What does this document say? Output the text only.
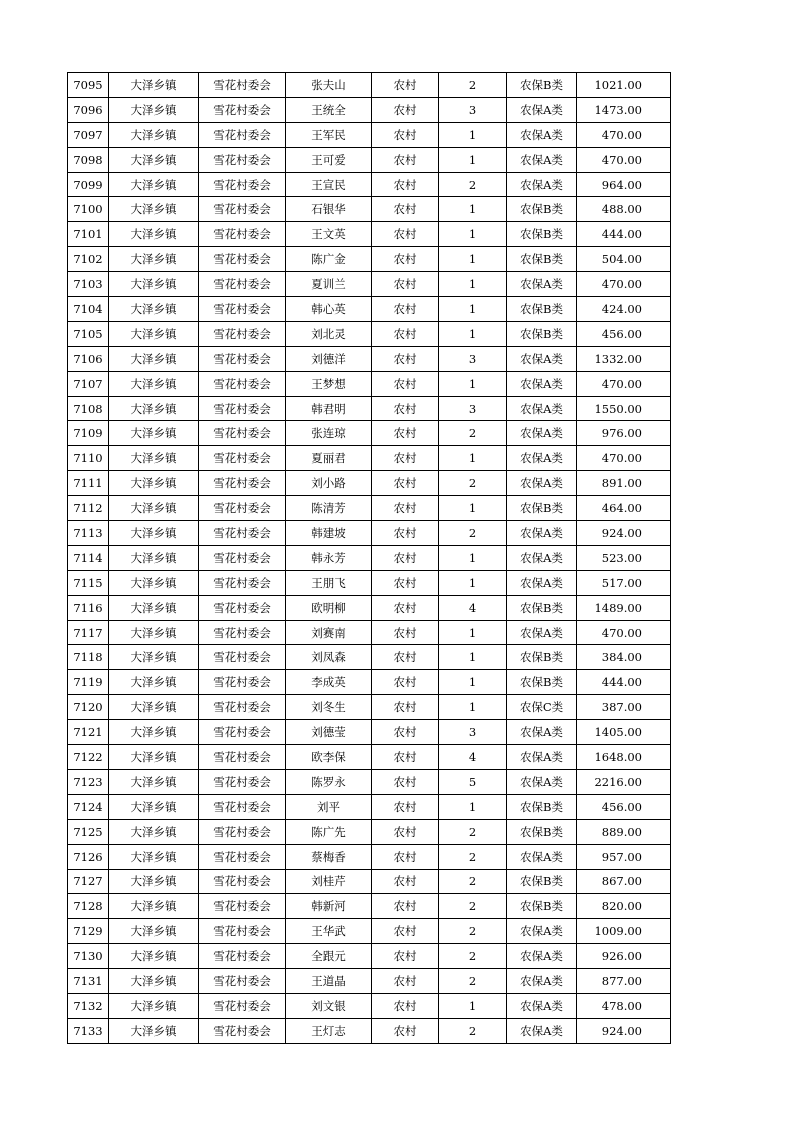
7095	大泽乡镇	雪花村委会	张夫山	农村	2	农保B类	1021.00
7096	大泽乡镇	雪花村委会	王统全	农村	3	农保A类	1473.00
7097	大泽乡镇	雪花村委会	王军民	农村	1	农保A类	470.00
7098	大泽乡镇	雪花村委会	王可爱	农村	1	农保A类	470.00
7099	大泽乡镇	雪花村委会	王宣民	农村	2	农保A类	964.00
7100	大泽乡镇	雪花村委会	石银华	农村	1	农保B类	488.00
7101	大泽乡镇	雪花村委会	王文英	农村	1	农保B类	444.00
7102	大泽乡镇	雪花村委会	陈广金	农村	1	农保B类	504.00
7103	大泽乡镇	雪花村委会	夏训兰	农村	1	农保A类	470.00
7104	大泽乡镇	雪花村委会	韩心英	农村	1	农保B类	424.00
7105	大泽乡镇	雪花村委会	刘北灵	农村	1	农保B类	456.00
7106	大泽乡镇	雪花村委会	刘德洋	农村	3	农保A类	1332.00
7107	大泽乡镇	雪花村委会	王梦想	农村	1	农保A类	470.00
7108	大泽乡镇	雪花村委会	韩君明	农村	3	农保A类	1550.00
7109	大泽乡镇	雪花村委会	张连琼	农村	2	农保A类	976.00
7110	大泽乡镇	雪花村委会	夏丽君	农村	1	农保A类	470.00
7111	大泽乡镇	雪花村委会	刘小路	农村	2	农保A类	891.00
7112	大泽乡镇	雪花村委会	陈清芳	农村	1	农保B类	464.00
7113	大泽乡镇	雪花村委会	韩建坡	农村	2	农保A类	924.00
7114	大泽乡镇	雪花村委会	韩永芳	农村	1	农保A类	523.00
7115	大泽乡镇	雪花村委会	王朋飞	农村	1	农保A类	517.00
7116	大泽乡镇	雪花村委会	欧明柳	农村	4	农保B类	1489.00
7117	大泽乡镇	雪花村委会	刘赛南	农村	1	农保A类	470.00
7118	大泽乡镇	雪花村委会	刘凤森	农村	1	农保B类	384.00
7119	大泽乡镇	雪花村委会	李成英	农村	1	农保B类	444.00
7120	大泽乡镇	雪花村委会	刘冬生	农村	1	农保C类	387.00
7121	大泽乡镇	雪花村委会	刘德莹	农村	3	农保A类	1405.00
7122	大泽乡镇	雪花村委会	欧李保	农村	4	农保A类	1648.00
7123	大泽乡镇	雪花村委会	陈罗永	农村	5	农保A类	2216.00
7124	大泽乡镇	雪花村委会	刘平	农村	1	农保B类	456.00
7125	大泽乡镇	雪花村委会	陈广先	农村	2	农保B类	889.00
7126	大泽乡镇	雪花村委会	蔡梅香	农村	2	农保A类	957.00
7127	大泽乡镇	雪花村委会	刘桂芹	农村	2	农保B类	867.00
7128	大泽乡镇	雪花村委会	韩新河	农村	2	农保B类	820.00
7129	大泽乡镇	雪花村委会	王华武	农村	2	农保A类	1009.00
7130	大泽乡镇	雪花村委会	全跟元	农村	2	农保A类	926.00
7131	大泽乡镇	雪花村委会	王道晶	农村	2	农保A类	877.00
7132	大泽乡镇	雪花村委会	刘文银	农村	1	农保A类	478.00
7133	大泽乡镇	雪花村委会	王灯志	农村	2	农保A类	924.00
